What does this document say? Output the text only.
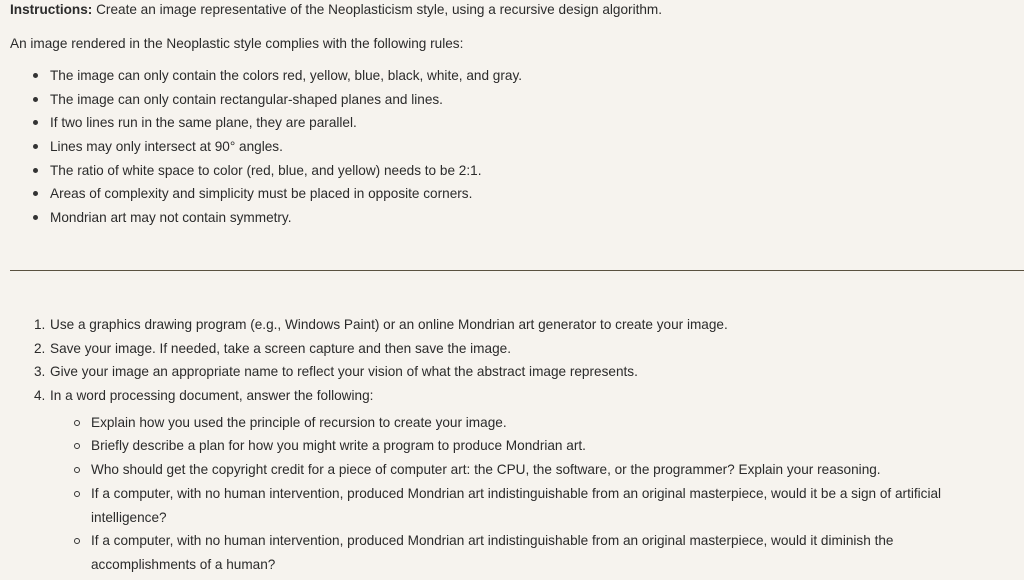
Instructions: Create an image representative of the Neoplasticism style, using a recursive design algorithm.
An image rendered in the Neoplastic style complies with the following rules:
The image can only contain the colors red, yellow, blue, black, white, and gray.
The image can only contain rectangular-shaped planes and lines.
If two lines run in the same plane, they are parallel.
Lines may only intersect at 90° angles.
The ratio of white space to color (red, blue, and yellow) needs to be 2:1.
Areas of complexity and simplicity must be placed in opposite corners.
Mondrian art may not contain symmetry.
1. Use a graphics drawing program (e.g., Windows Paint) or an online Mondrian art generator to create your image.
2. Save your image. If needed, take a screen capture and then save the image.
3. Give your image an appropriate name to reflect your vision of what the abstract image represents.
4. In a word processing document, answer the following:
Explain how you used the principle of recursion to create your image.
Briefly describe a plan for how you might write a program to produce Mondrian art.
Who should get the copyright credit for a piece of computer art: the CPU, the software, or the programmer? Explain your reasoning.
If a computer, with no human intervention, produced Mondrian art indistinguishable from an original masterpiece, would it be a sign of artificial intelligence?
If a computer, with no human intervention, produced Mondrian art indistinguishable from an original masterpiece, would it diminish the accomplishments of a human?
